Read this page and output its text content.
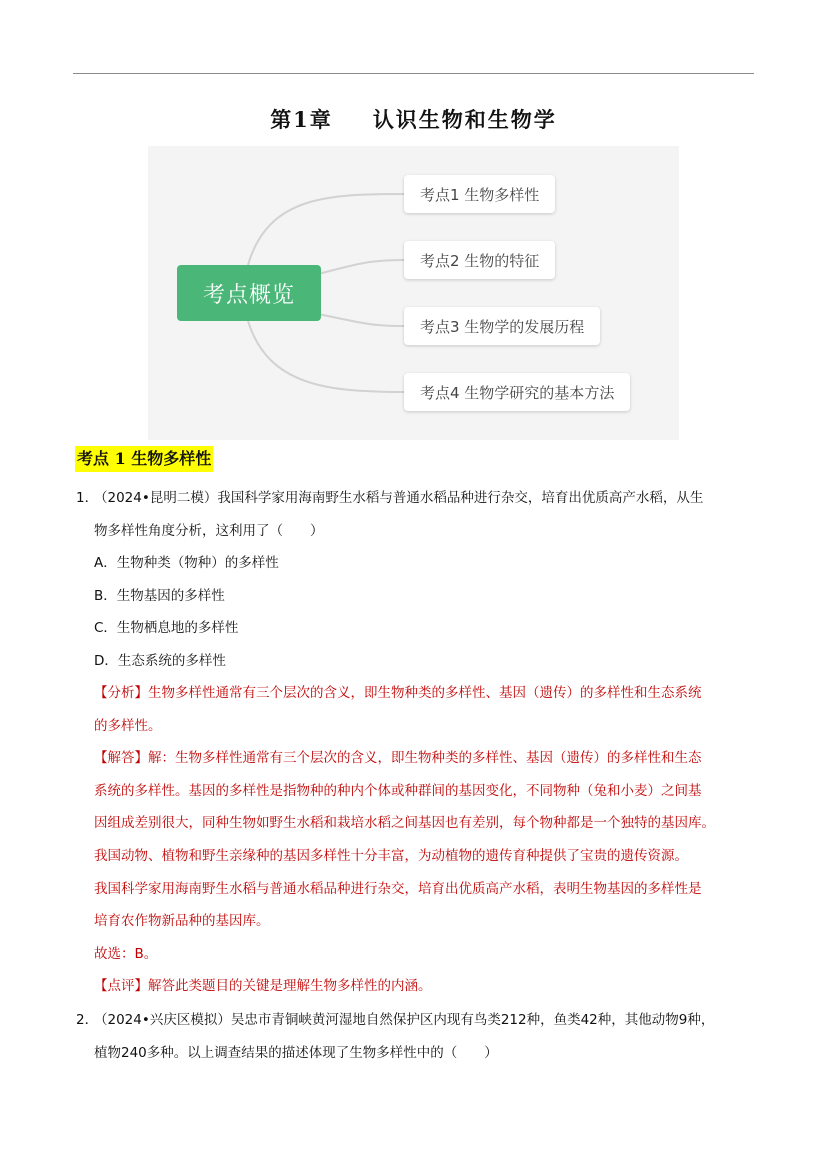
第1章 认识生物和生物学
考点概览
考点1 生物多样性
考点2 生物的特征
考点3 生物学的发展历程
考点4 生物学研究的基本方法
考点 1 生物多样性
1．
（2024•昆明二模）我国科学家用海南野生水稻与普通水稻品种进行杂交，培育出优质高产水稻，从生
物多样性角度分析，这利用了（　　）
A．生物种类（物种）的多样性
B．生物基因的多样性
C．生物栖息地的多样性
D．生态系统的多样性
【分析】生物多样性通常有三个层次的含义，即生物种类的多样性、基因（遗传）的多样性和生态系统
的多样性。
【解答】解：生物多样性通常有三个层次的含义，即生物种类的多样性、基因（遗传）的多样性和生态
系统的多样性。基因的多样性是指物种的种内个体或种群间的基因变化，不同物种（兔和小麦）之间基
因组成差别很大，同种生物如野生水稻和栽培水稻之间基因也有差别，每个物种都是一个独特的基因库。
我国动物、植物和野生亲缘种的基因多样性十分丰富，为动植物的遗传育种提供了宝贵的遗传资源。
我国科学家用海南野生水稻与普通水稻品种进行杂交，培育出优质高产水稻，表明生物基因的多样性是
培育农作物新品种的基因库。
故选：B。
【点评】解答此类题目的关键是理解生物多样性的内涵。
2．
（2024•兴庆区模拟）吴忠市青铜峡黄河湿地自然保护区内现有鸟类212种，鱼类42种，其他动物9种，
植物240多种。以上调查结果的描述体现了生物多样性中的（　　）
